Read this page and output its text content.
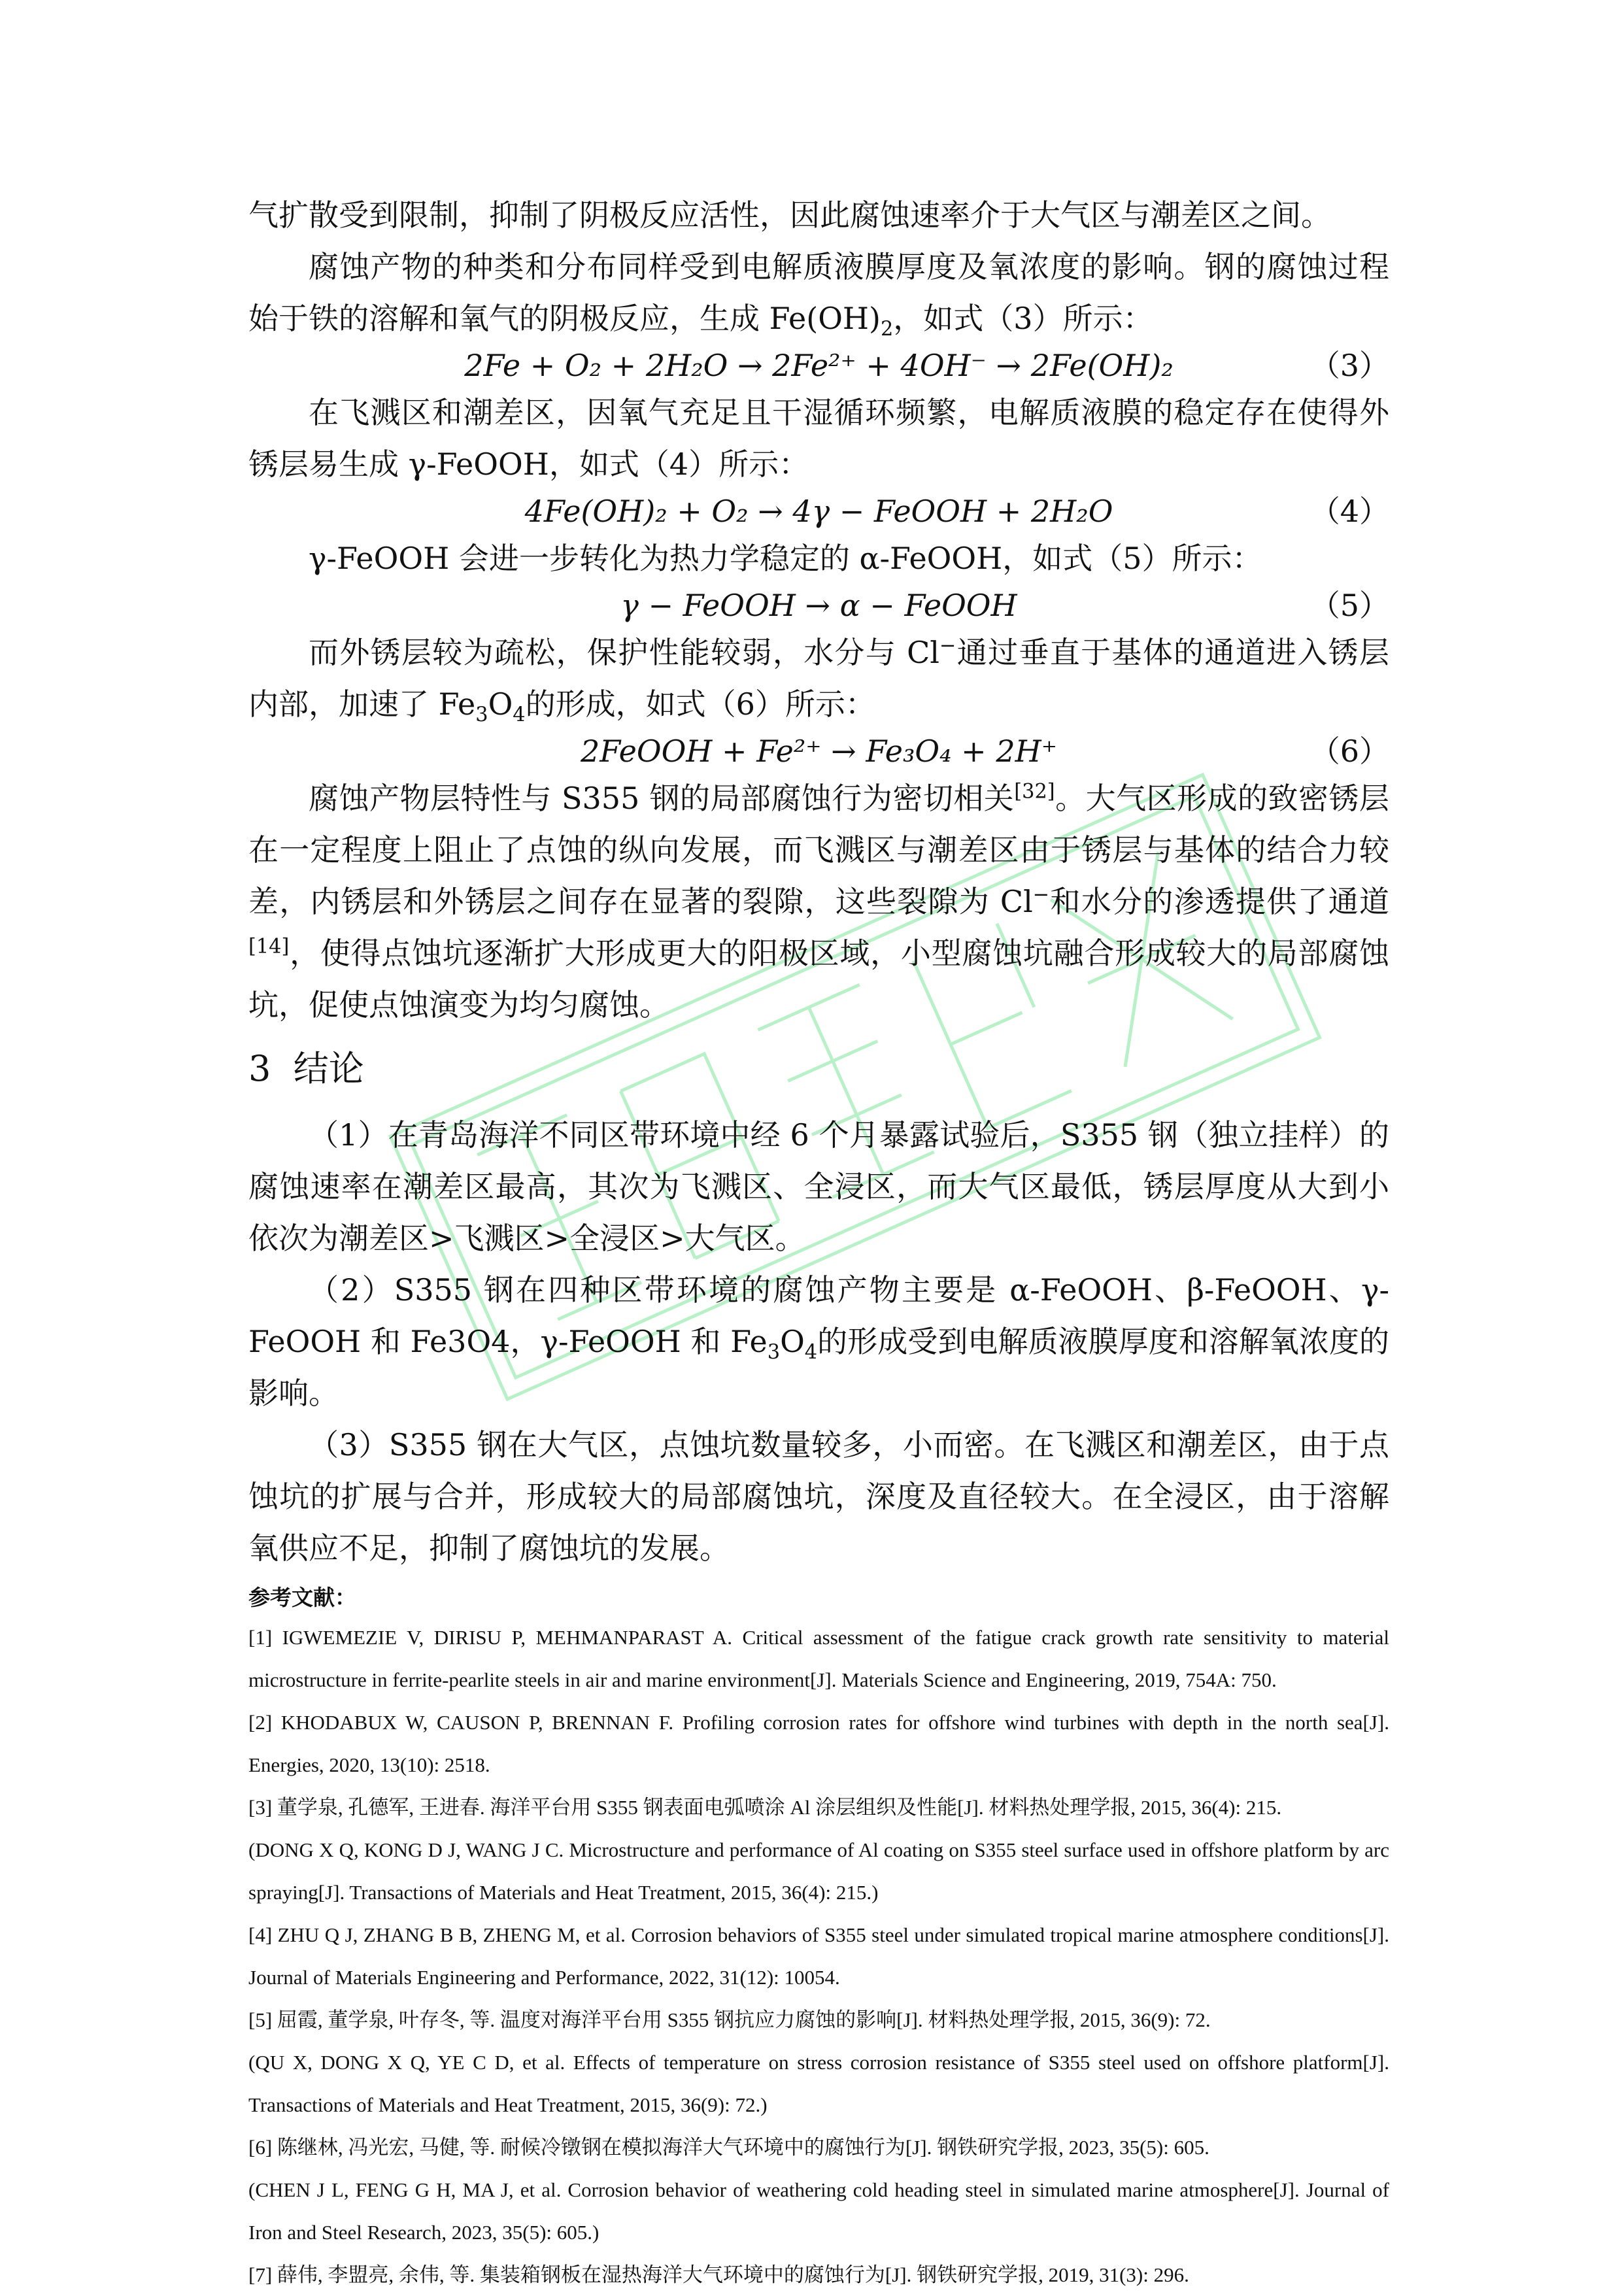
气扩散受到限制，抑制了阴极反应活性，因此腐蚀速率介于大气区与潮差区之间。

腐蚀产物的种类和分布同样受到电解质液膜厚度及氧浓度的影响。钢的腐蚀过程始于铁的溶解和氧气的阴极反应，生成 $Fe(OH)_2$，如式（3）所示：

2Fe + O₂ + 2H₂O → 2Fe²⁺ + 4OH⁻ → 2Fe(OH)₂	（3）

在飞溅区和潮差区，因氧气充足且干湿循环频繁，电解质液膜的稳定存在使得外锈层易生成 γ-FeOOH，如式（4）所示：

4Fe(OH)₂ + O₂ → 4γ − FeOOH + 2H₂O	（4）

γ-FeOOH 会进一步转化为热力学稳定的 α-FeOOH，如式（5）所示：

γ − FeOOH → α − FeOOH	（5）

而外锈层较为疏松，保护性能较弱，水分与 Cl−通过垂直于基体的通道进入锈层内部，加速了 $Fe_3O_4$的形成，如式（6）所示：

2FeOOH + Fe²⁺ → Fe₃O₄ + 2H⁺	（6）

腐蚀产物层特性与 S355 钢的局部腐蚀行为密切相关[32]。大气区形成的致密锈层在一定程度上阻止了点蚀的纵向发展，而飞溅区与潮差区由于锈层与基体的结合力较差，内锈层和外锈层之间存在显著的裂隙，这些裂隙为 Cl−和水分的渗透提供了通道[14]，使得点蚀坑逐渐扩大形成更大的阳极区域，小型腐蚀坑融合形成较大的局部腐蚀坑，促使点蚀演变为均匀腐蚀。

3 结论

（1）在青岛海洋不同区带环境中经 6 个月暴露试验后，S355 钢（独立挂样）的腐蚀速率在潮差区最高，其次为飞溅区、全浸区，而大气区最低，锈层厚度从大到小依次为潮差区>飞溅区>全浸区>大气区。

（2）S355 钢在四种区带环境的腐蚀产物主要是 α-FeOOH、β-FeOOH、γ-FeOOH 和 Fe3O4，γ-FeOOH 和 $Fe_3O_4$的形成受到电解质液膜厚度和溶解氧浓度的影响。

（3）S355 钢在大气区，点蚀坑数量较多，小而密。在飞溅区和潮差区，由于点蚀坑的扩展与合并，形成较大的局部腐蚀坑，深度及直径较大。在全浸区，由于溶解氧供应不足，抑制了腐蚀坑的发展。

参考文献：

[1] IGWEMEZIE V, DIRISU P, MEHMANPARAST A. Critical assessment of the fatigue crack growth rate sensitivity to material microstructure in ferrite-pearlite steels in air and marine environment[J]. Materials Science and Engineering, 2019, 754A: 750.

[2] KHODABUX W, CAUSON P, BRENNAN F. Profiling corrosion rates for offshore wind turbines with depth in the north sea[J]. Energies, 2020, 13(10): 2518.

[3] 董学泉, 孔德军, 王进春. 海洋平台用 S355 钢表面电弧喷涂 Al 涂层组织及性能[J]. 材料热处理学报, 2015, 36(4): 215.

(DONG X Q, KONG D J, WANG J C. Microstructure and performance of Al coating on S355 steel surface used in offshore platform by arc spraying[J]. Transactions of Materials and Heat Treatment, 2015, 36(4): 215.)

[4] ZHU Q J, ZHANG B B, ZHENG M, et al. Corrosion behaviors of S355 steel under simulated tropical marine atmosphere conditions[J]. Journal of Materials Engineering and Performance, 2022, 31(12): 10054.

[5] 屈霞, 董学泉, 叶存冬, 等. 温度对海洋平台用 S355 钢抗应力腐蚀的影响[J]. 材料热处理学报, 2015, 36(9): 72.

(QU X, DONG X Q, YE C D, et al. Effects of temperature on stress corrosion resistance of S355 steel used on offshore platform[J]. Transactions of Materials and Heat Treatment, 2015, 36(9): 72.)

[6] 陈继林, 冯光宏, 马健, 等. 耐候冷镦钢在模拟海洋大气环境中的腐蚀行为[J]. 钢铁研究学报, 2023, 35(5): 605.

(CHEN J L, FENG G H, MA J, et al. Corrosion behavior of weathering cold heading steel in simulated marine atmosphere[J]. Journal of Iron and Steel Research, 2023, 35(5): 605.)

[7] 薛伟, 李盟亮, 余伟, 等. 集装箱钢板在湿热海洋大气环境中的腐蚀行为[J]. 钢铁研究学报, 2019, 31(3): 296.
